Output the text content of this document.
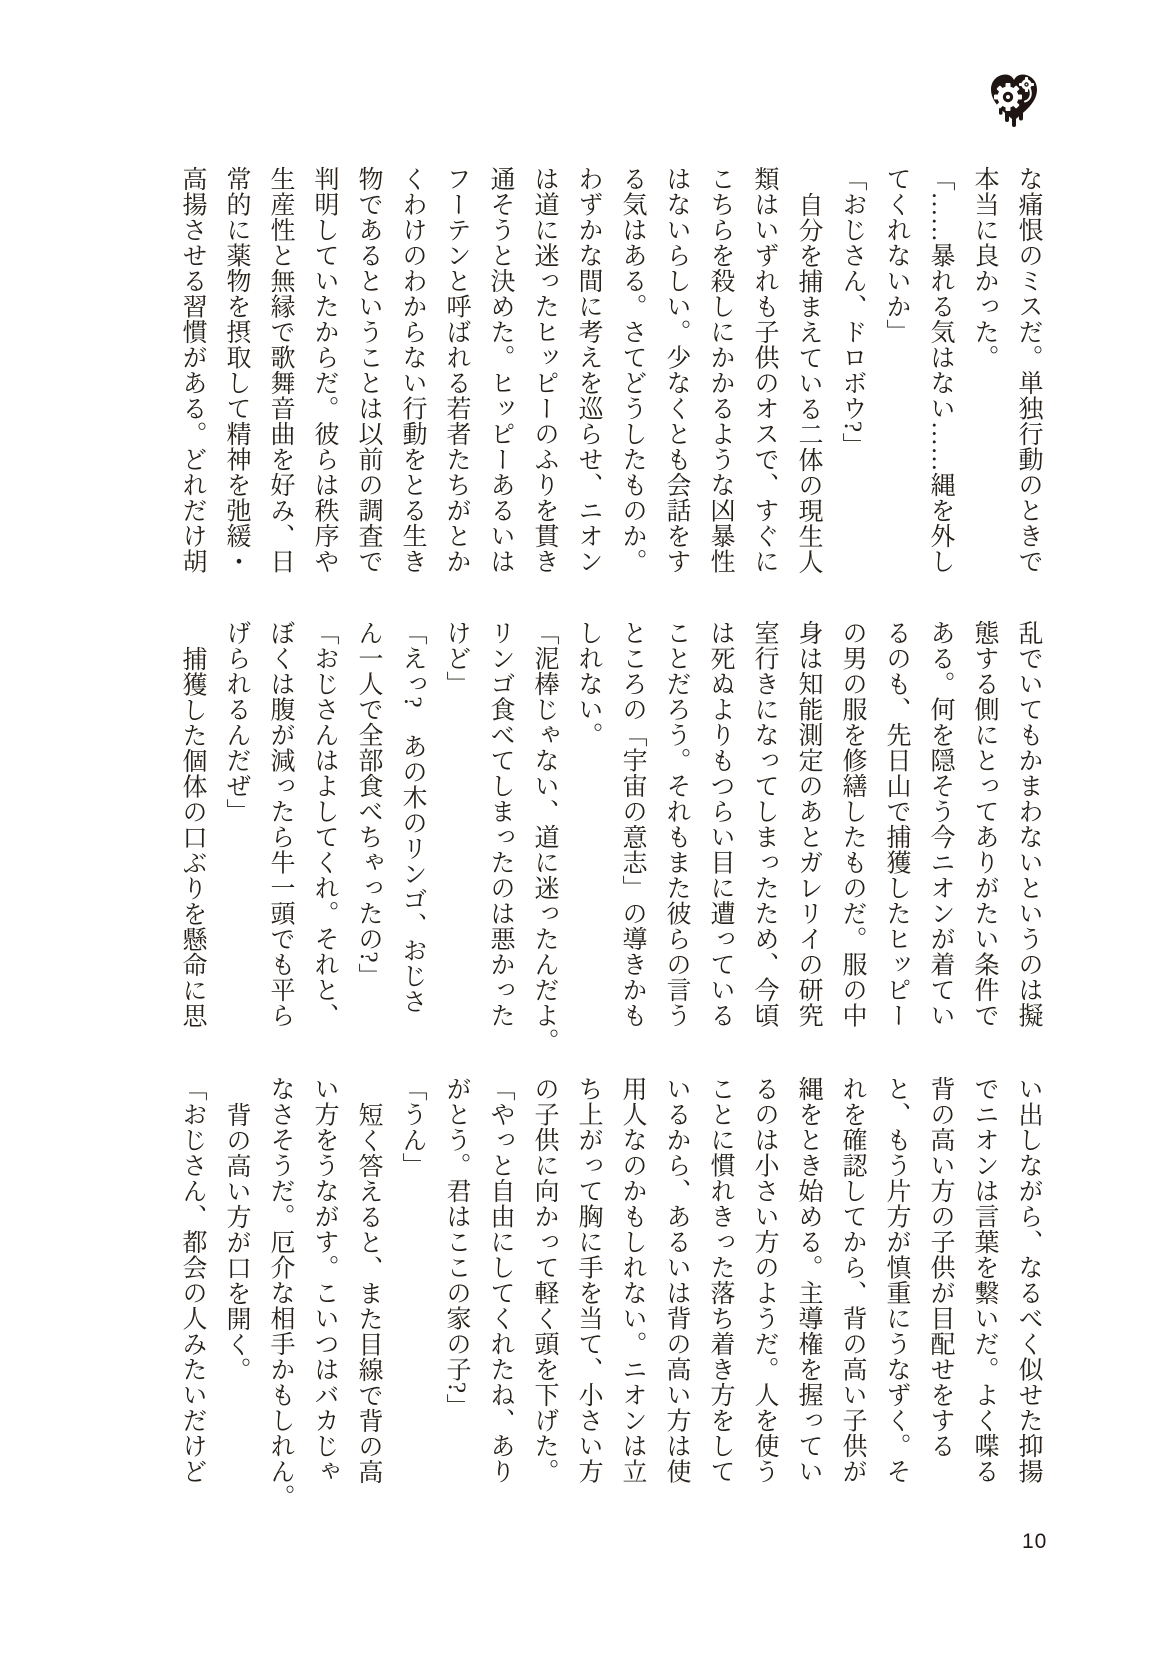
な痛恨のミスだ。単独行動のときで
本当に良かった。
「……暴れる気はない……縄を外し
てくれないか」
「おじさん、ドロボウ?」
自分を捕まえている二体の現生人
類はいずれも子供のオスで、すぐに
こちらを殺しにかかるような凶暴性
はないらしい。少なくとも会話をす
る気はある。さてどうしたものか。
わずかな間に考えを巡らせ、ニオン
は道に迷ったヒッピーのふりを貫き
通そうと決めた。ヒッピーあるいは
フーテンと呼ばれる若者たちがとか
くわけのわからない行動をとる生き
物であるということは以前の調査で
判明していたからだ。彼らは秩序や
生産性と無縁で歌舞音曲を好み、日
常的に薬物を摂取して精神を弛緩・
高揚させる習慣がある。どれだけ胡
乱でいてもかまわないというのは擬
態する側にとってありがたい条件で
ある。何を隠そう今ニオンが着てい
るのも、先日山で捕獲したヒッピー
の男の服を修繕したものだ。服の中
身は知能測定のあとガレリイの研究
室行きになってしまったため、今頃
は死ぬよりもつらい目に遭っている
ことだろう。それもまた彼らの言う
ところの「宇宙の意志」の導きかも
しれない。
「泥棒じゃない、道に迷ったんだよ。
リンゴ食べてしまったのは悪かった
けど」
「えっ?　あの木のリンゴ、おじさ
ん一人で全部食べちゃったの?」
「おじさんはよしてくれ。それと、
ぼくは腹が減ったら牛一頭でも平ら
げられるんだぜ」
捕獲した個体の口ぶりを懸命に思
い出しながら、なるべく似せた抑揚
でニオンは言葉を繋いだ。よく喋る
背の高い方の子供が目配せをする
と、もう片方が慎重にうなずく。そ
れを確認してから、背の高い子供が
縄をとき始める。主導権を握ってい
るのは小さい方のようだ。人を使う
ことに慣れきった落ち着き方をして
いるから、あるいは背の高い方は使
用人なのかもしれない。ニオンは立
ち上がって胸に手を当て、小さい方
の子供に向かって軽く頭を下げた。
「やっと自由にしてくれたね、あり
がとう。君はここの家の子?」
「うん」
短く答えると、また目線で背の高
い方をうながす。こいつはバカじゃ
なさそうだ。厄介な相手かもしれん。
背の高い方が口を開く。
「おじさん、都会の人みたいだけど
10
